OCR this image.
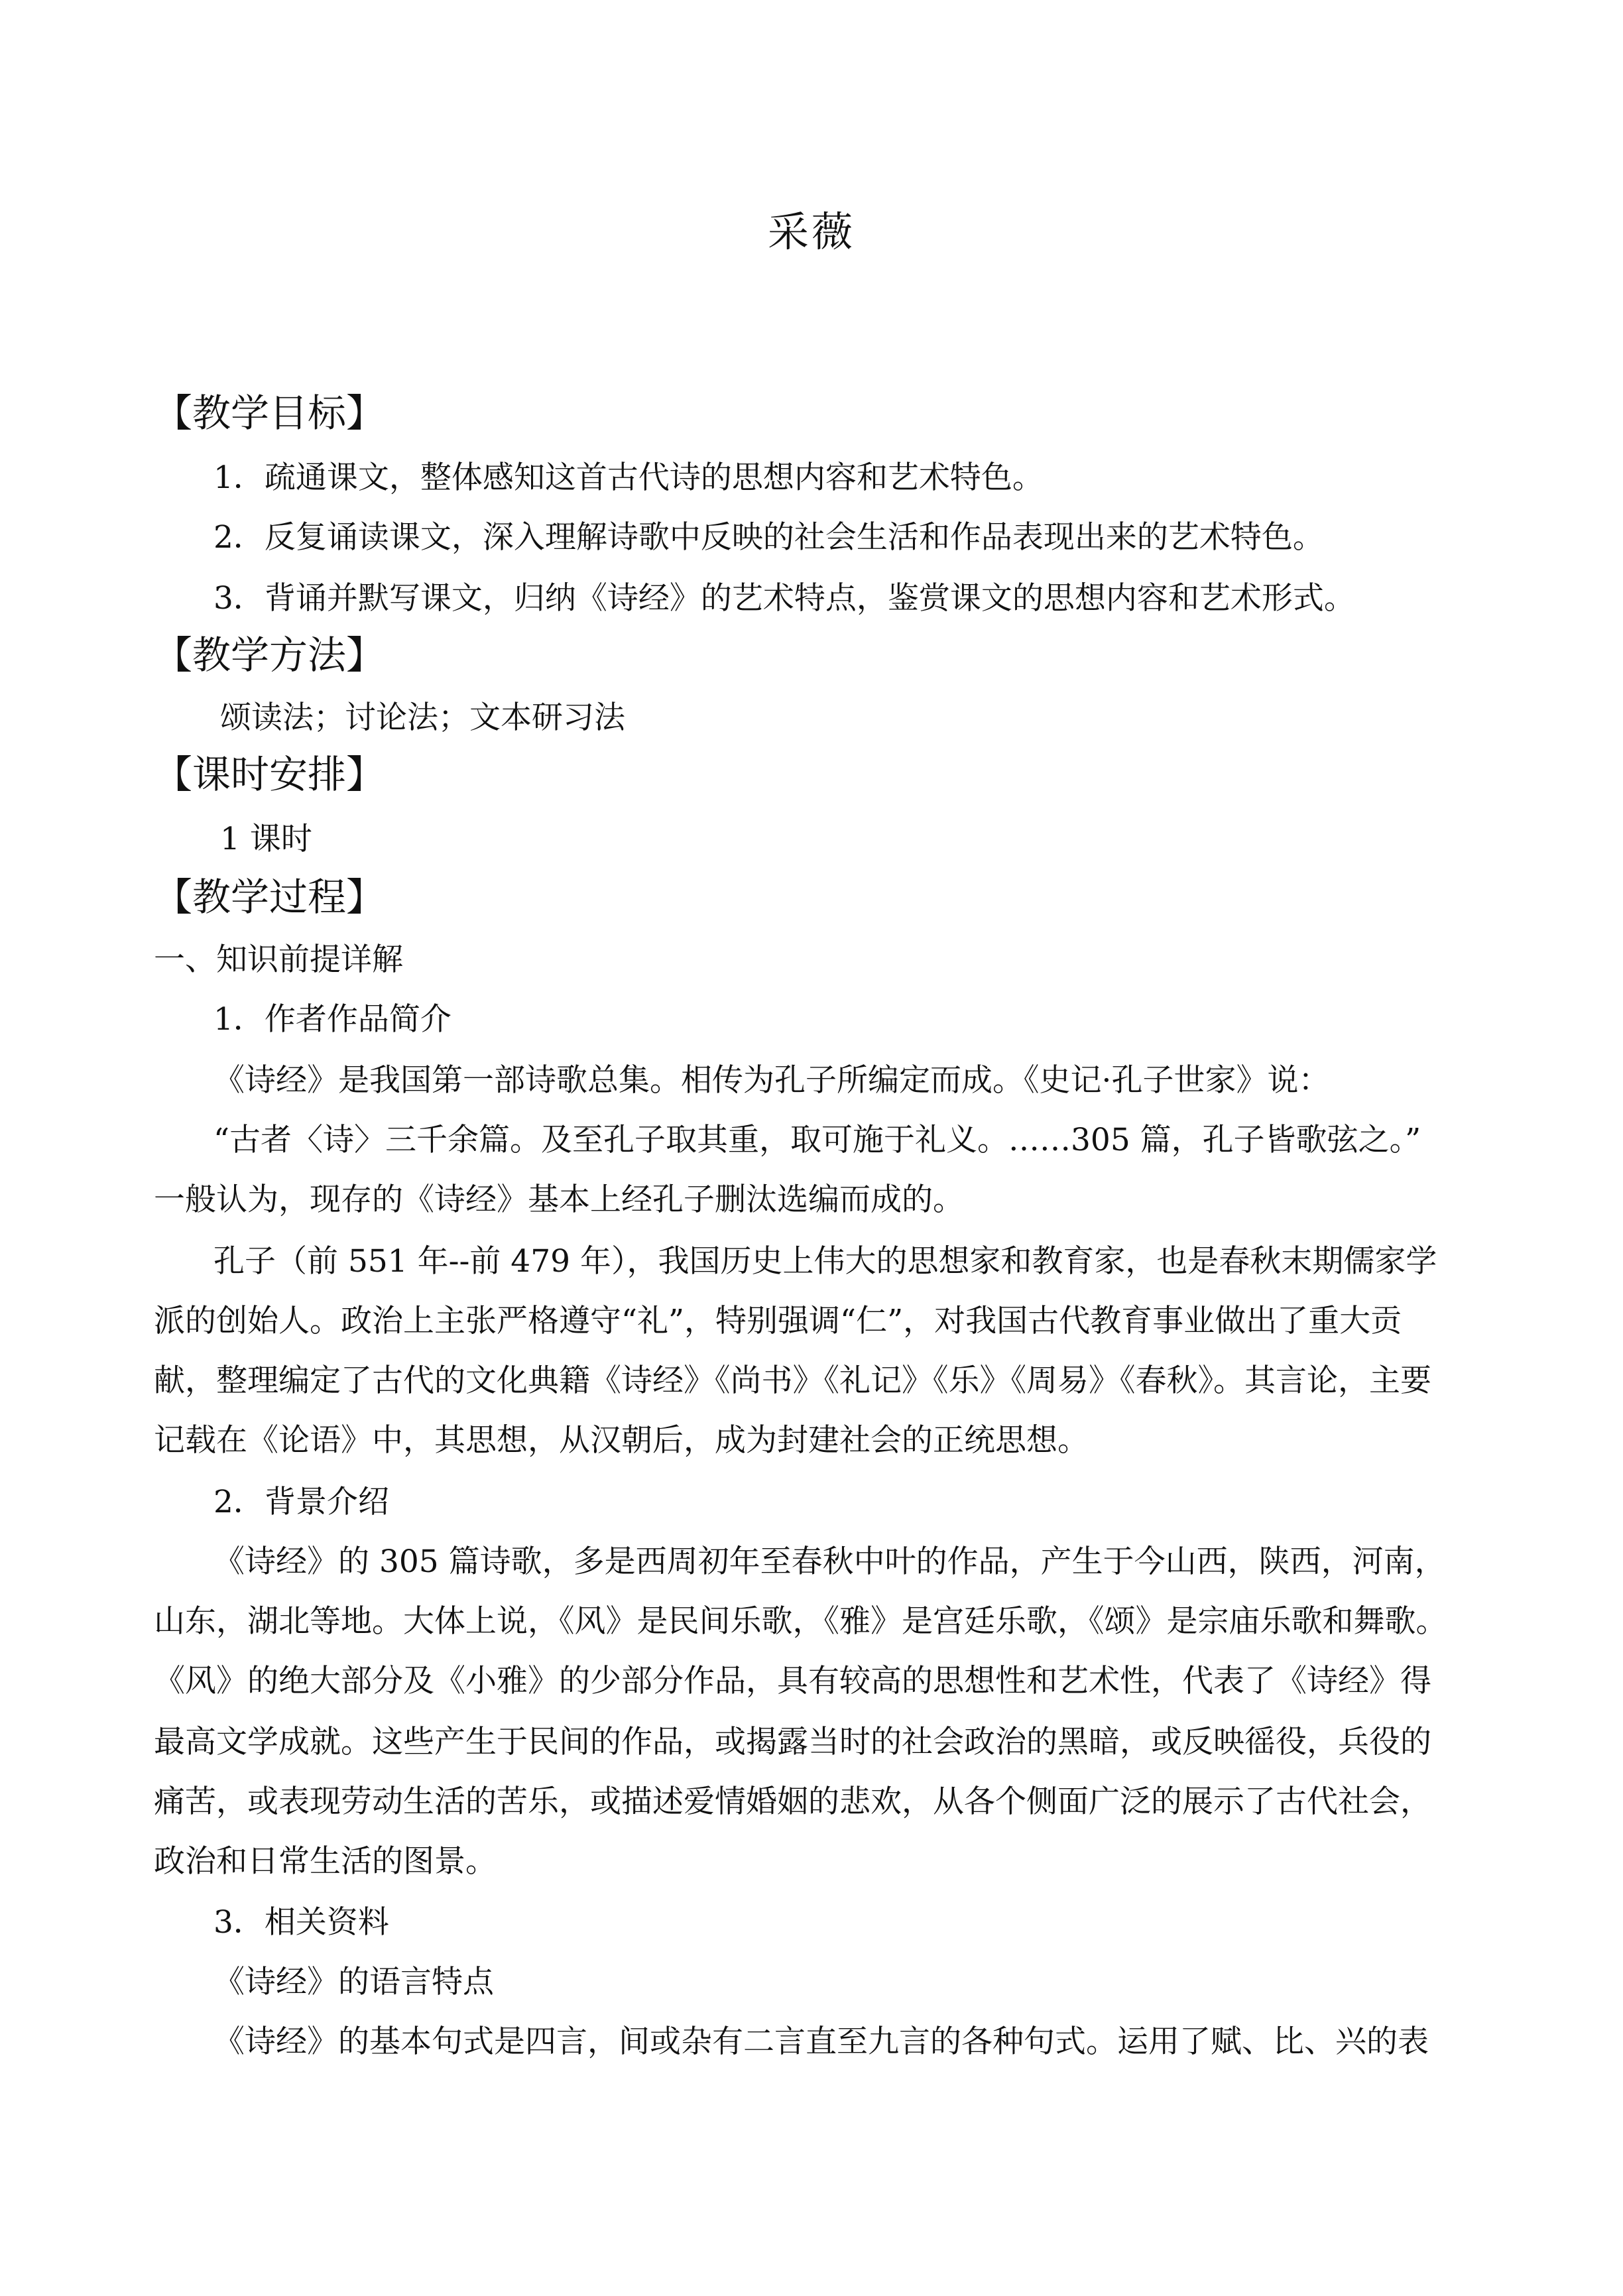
采薇
【教学目标】
1．疏通课文，整体感知这首古代诗的思想内容和艺术特色。
2．反复诵读课文，深入理解诗歌中反映的社会生活和作品表现出来的艺术特色。
3．背诵并默写课文，归纳《诗经》的艺术特点，鉴赏课文的思想内容和艺术形式。
【教学方法】
颂读法；讨论法；文本研习法
【课时安排】
1 课时
【教学过程】
一、知识前提详解
1．作者作品简介
《诗经》是我国第一部诗歌总集。相传为孔子所编定而成。《史记·孔子世家》说：
“古者〈诗〉三千余篇。及至孔子取其重，取可施于礼义。……305 篇，孔子皆歌弦之。”
一般认为，现存的《诗经》基本上经孔子删汰选编而成的。
孔子（前 551 年--前 479 年），我国历史上伟大的思想家和教育家，也是春秋末期儒家学
派的创始人。政治上主张严格遵守“礼”，特别强调“仁”，对我国古代教育事业做出了重大贡
献，整理编定了古代的文化典籍《诗经》《尚书》《礼记》《乐》《周易》《春秋》。其言论，主要
记载在《论语》中，其思想，从汉朝后，成为封建社会的正统思想。
2．背景介绍
《诗经》的 305 篇诗歌，多是西周初年至春秋中叶的作品，产生于今山西，陕西，河南，
山东，湖北等地。大体上说，《风》是民间乐歌，《雅》是宫廷乐歌，《颂》是宗庙乐歌和舞歌。
《风》的绝大部分及《小雅》的少部分作品，具有较高的思想性和艺术性，代表了《诗经》得
最高文学成就。这些产生于民间的作品，或揭露当时的社会政治的黑暗，或反映徭役，兵役的
痛苦，或表现劳动生活的苦乐，或描述爱情婚姻的悲欢，从各个侧面广泛的展示了古代社会，
政治和日常生活的图景。
3．相关资料
《诗经》的语言特点
《诗经》的基本句式是四言，间或杂有二言直至九言的各种句式。运用了赋、比、兴的表
